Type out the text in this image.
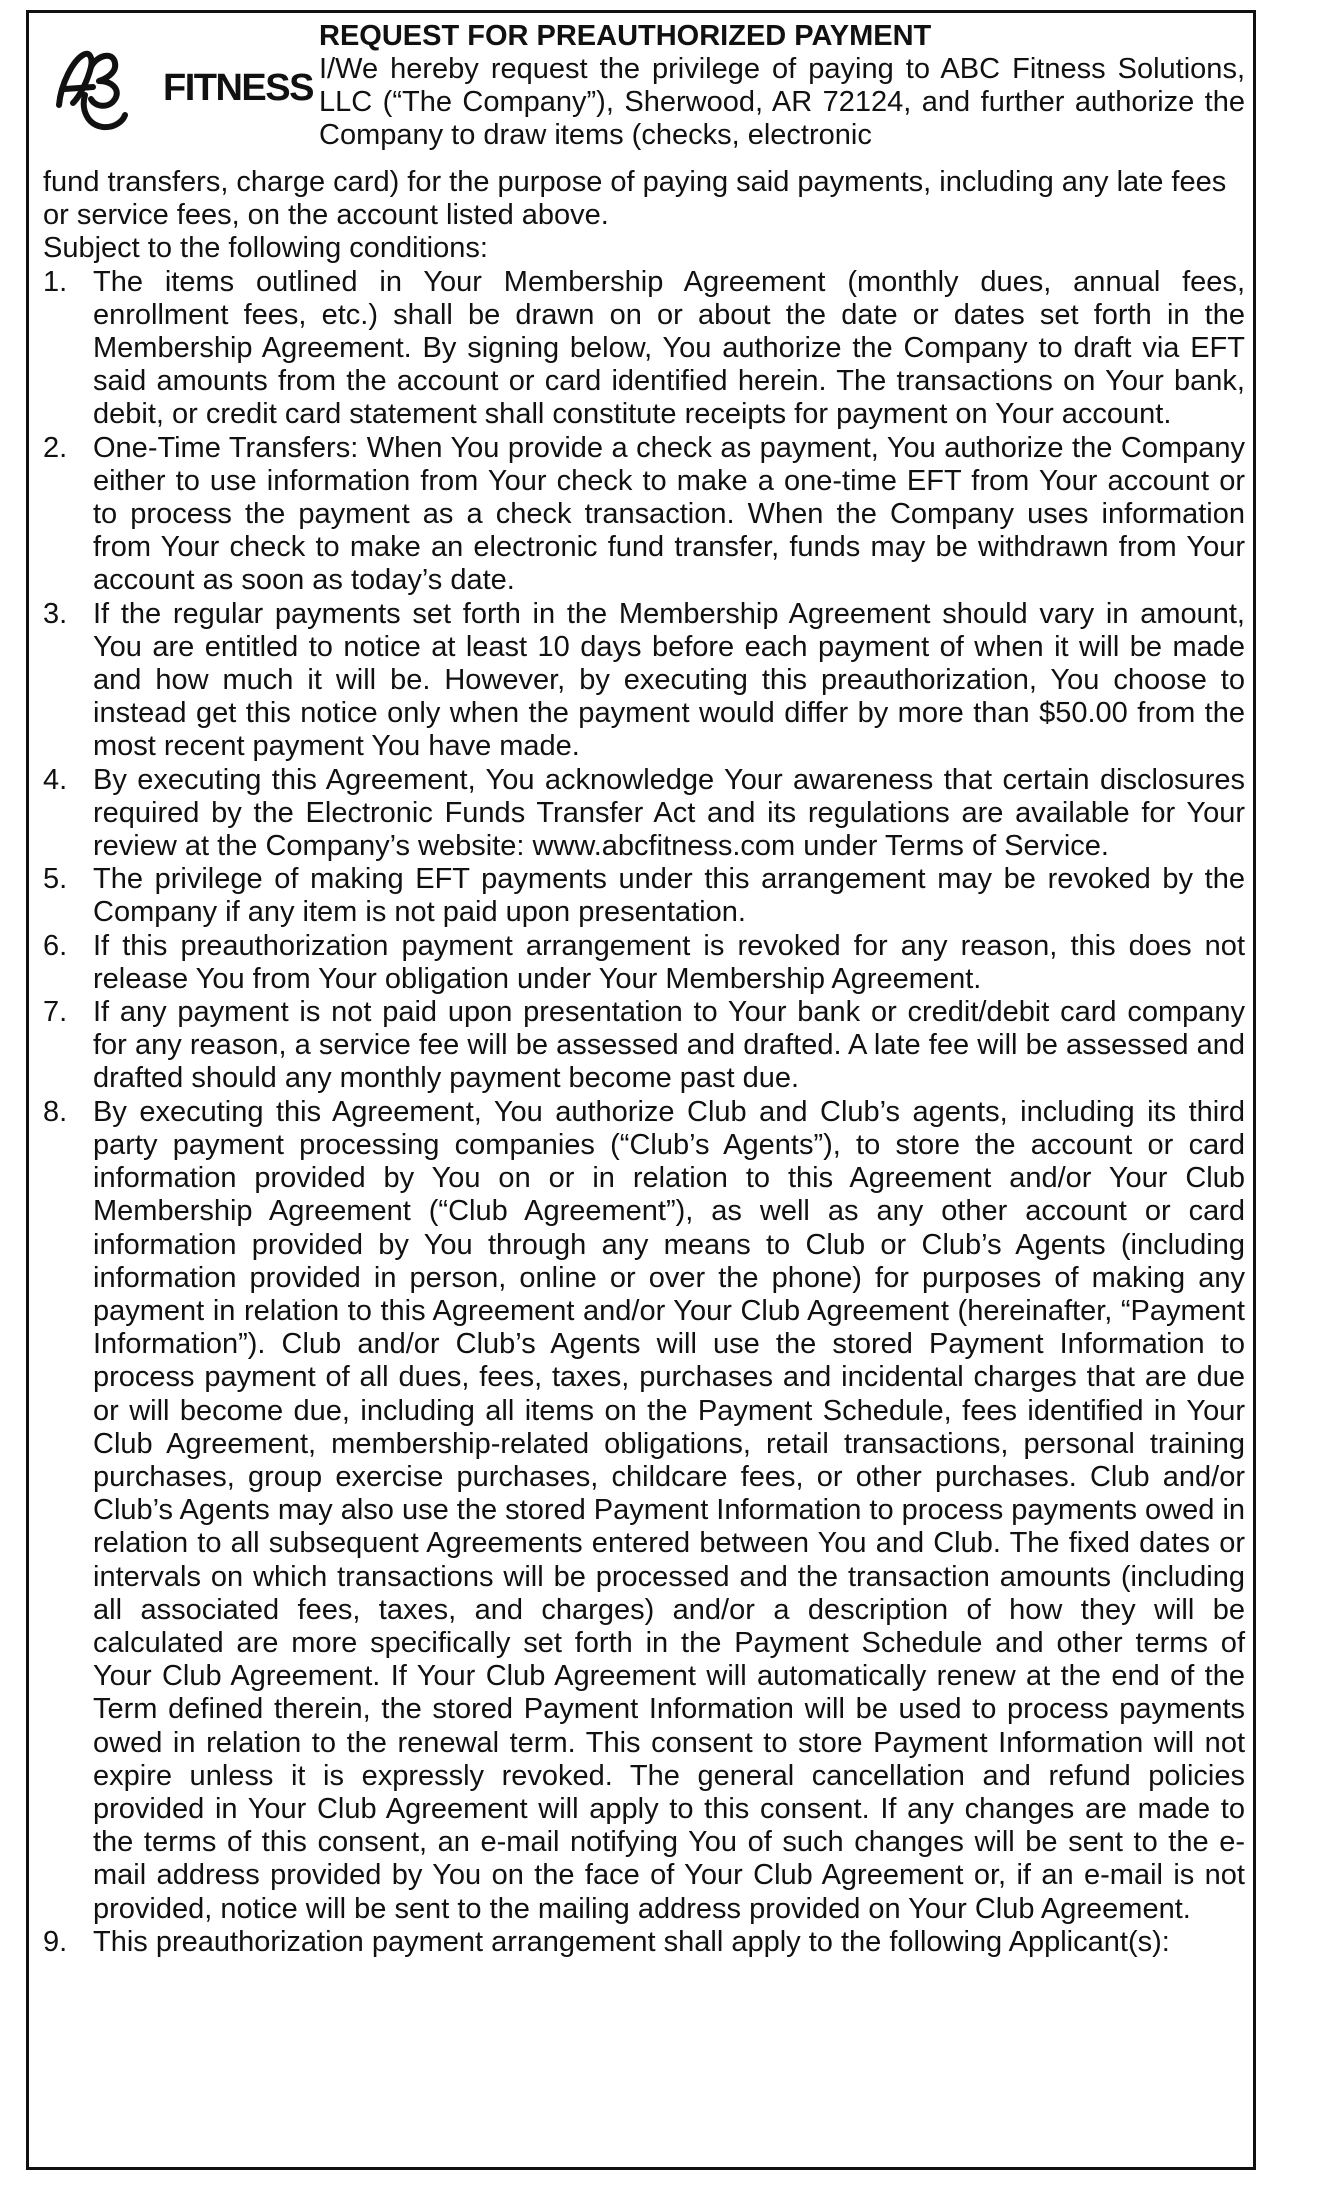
FITNESS
REQUEST FOR PREAUTHORIZED PAYMENT
I/We hereby request the privilege of paying to ABC Fitness Solutions, LLC (“The Company”), Sherwood, AR 72124, and further authorize the Company to draw items (checks, electronic
fund transfers, charge card) for the purpose of paying said payments, including any late fees or service fees, on the account listed above.

Subject to the following conditions:

1. The items outlined in Your Membership Agreement (monthly dues, annual fees, enrollment fees, etc.) shall be drawn on or about the date or dates set forth in the Membership Agreement. By signing below, You authorize the Company to draft via EFT said amounts from the account or card identified herein. The transactions on Your bank, debit, or credit card statement shall constitute receipts for payment on Your account.
2. One-Time Transfers: When You provide a check as payment, You authorize the Company either to use information from Your check to make a one-time EFT from Your account or to process the payment as a check transaction. When the Company uses information from Your check to make an electronic fund transfer, funds may be withdrawn from Your account as soon as today’s date.
3. If the regular payments set forth in the Membership Agreement should vary in amount, You are entitled to notice at least 10 days before each payment of when it will be made and how much it will be. However, by executing this preauthorization, You choose to instead get this notice only when the payment would differ by more than $50.00 from the most recent payment You have made.
4. By executing this Agreement, You acknowledge Your awareness that certain disclosures required by the Electronic Funds Transfer Act and its regulations are available for Your review at the Company’s website: www.abcfitness.com under Terms of Service.
5. The privilege of making EFT payments under this arrangement may be revoked by the Company if any item is not paid upon presentation.
6. If this preauthorization payment arrangement is revoked for any reason, this does not release You from Your obligation under Your Membership Agreement.
7. If any payment is not paid upon presentation to Your bank or credit/debit card company for any reason, a service fee will be assessed and drafted. A late fee will be assessed and drafted should any monthly payment become past due.
8. By executing this Agreement, You authorize Club and Club’s agents, including its third party payment processing companies (“Club’s Agents”), to store the account or card information provided by You on or in relation to this Agreement and/or Your Club Membership Agreement (“Club Agreement”), as well as any other account or card information provided by You through any means to Club or Club’s Agents (including information provided in person, online or over the phone) for purposes of making any payment in relation to this Agreement and/or Your Club Agreement (hereinafter, “Payment Information”). Club and/or Club’s Agents will use the stored Payment Information to process payment of all dues, fees, taxes, purchases and incidental charges that are due or will become due, including all items on the Payment Schedule, fees identified in Your Club Agreement, membership-related obligations, retail transactions, personal training purchases, group exercise purchases, childcare fees, or other purchases. Club and/or Club’s Agents may also use the stored Payment Information to process payments owed in relation to all subsequent Agreements entered between You and Club. The fixed dates or intervals on which transactions will be processed and the transaction amounts (including all associated fees, taxes, and charges) and/or a description of how they will be calculated are more specifically set forth in the Payment Schedule and other terms of Your Club Agreement. If Your Club Agreement will automatically renew at the end of the Term defined therein, the stored Payment Information will be used to process payments owed in relation to the renewal term. This consent to store Payment Information will not expire unless it is expressly revoked. The general cancellation and refund policies provided in Your Club Agreement will apply to this consent. If any changes are made to the terms of this consent, an e-mail notifying You of such changes will be sent to the e-mail address provided by You on the face of Your Club Agreement or, if an e-mail is not provided, notice will be sent to the mailing address provided on Your Club Agreement.
9. This preauthorization payment arrangement shall apply to the following Applicant(s):
